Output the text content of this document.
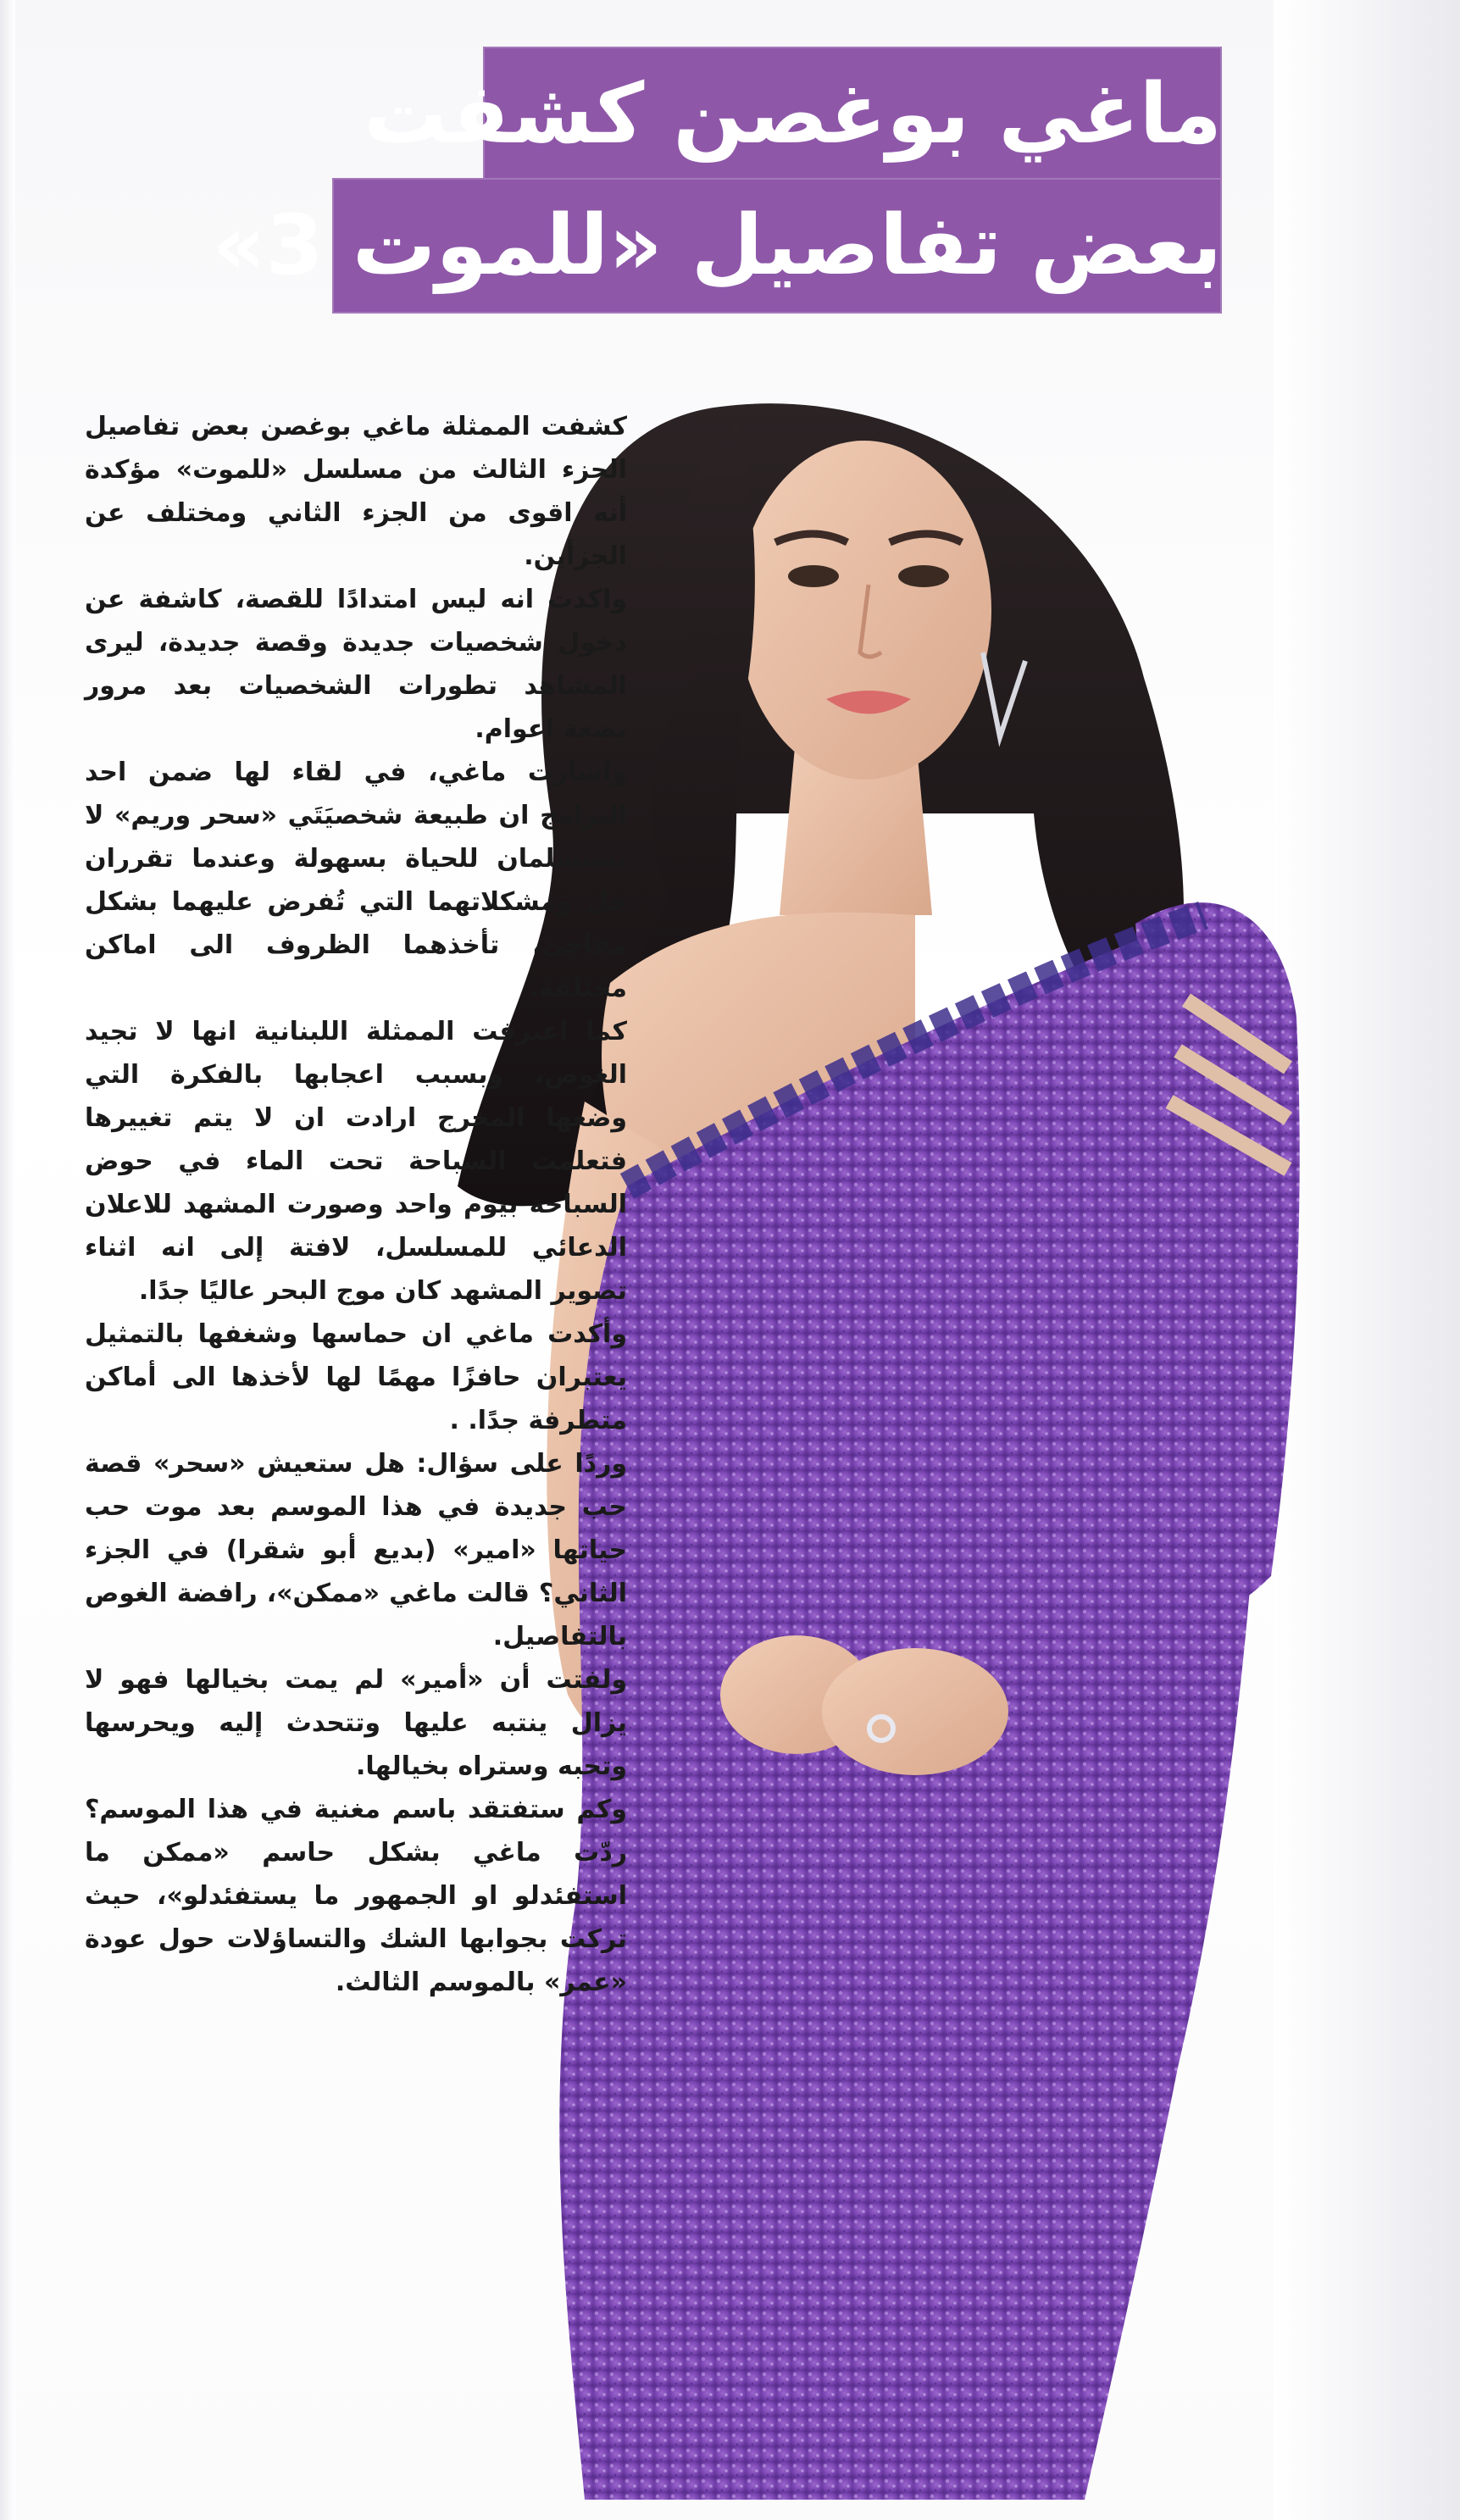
ماغي بوغصن كشفت
بعض تفاصيل «للموت 3»

كشفت الممثلة ماغي بوغصن بعض تفاصيل الجزء الثالث من مسلسل «للموت» مؤكدة أنه اقوى من الجزء الثاني ومختلف عن الجزأين.

واكدت انه ليس امتدادًا للقصة، كاشفة عن دخول شخصيات جديدة وقصة جديدة، ليرى المشاهد تطورات الشخصيات بعد مرور بضعة اعوام.

واشارت ماغي، في لقاء لها ضمن احد البرامج ان طبيعة شخصيَتَي «سحر وريم» لا تستسلمان للحياة بسهولة وعندما تقرران حل ومشكلاتهما التي تُفرض عليهما بشكل مفاجئ، تأخذهما الظروف الى اماكن مختلفة.

كما اعترفت الممثلة اللبنانية انها لا تجيد الغوص، وبسبب اعجابها بالفكرة التي وضعها المخرج ارادت ان لا يتم تغييرها فتعلمت السباحة تحت الماء في حوض السباحة بيوم واحد وصورت المشهد للاعلان الدعائي للمسلسل، لافتة إلى انه اثناء تصوير المشهد كان موج البحر عاليًا جدًا.

وأكدت ماغي ان حماسها وشغفها بالتمثيل يعتبران حافزًا مهمًا لها لأخذها الى أماكن متطرفة جدًا. .

وردًا على سؤال: هل ستعيش «سحر» قصة حب جديدة في هذا الموسم بعد موت حب حياتها «امير» (بديع أبو شقرا) في الجزء الثاني؟ قالت ماغي «ممكن»، رافضة الغوص بالتفاصيل.

ولفتت أن «أمير» لم يمت بخيالها فهو لا يزال ينتبه عليها وتتحدث إليه ويحرسها وتحبه وستراه بخيالها.

وكم ستفتقد باسم مغنية في هذا الموسم؟ ردّت ماغي بشكل حاسم «ممكن ما استفئدلو او الجمهور ما يستفئدلو»، حيث تركت بجوابها الشك والتساؤلات حول عودة «عمر» بالموسم الثالث.
